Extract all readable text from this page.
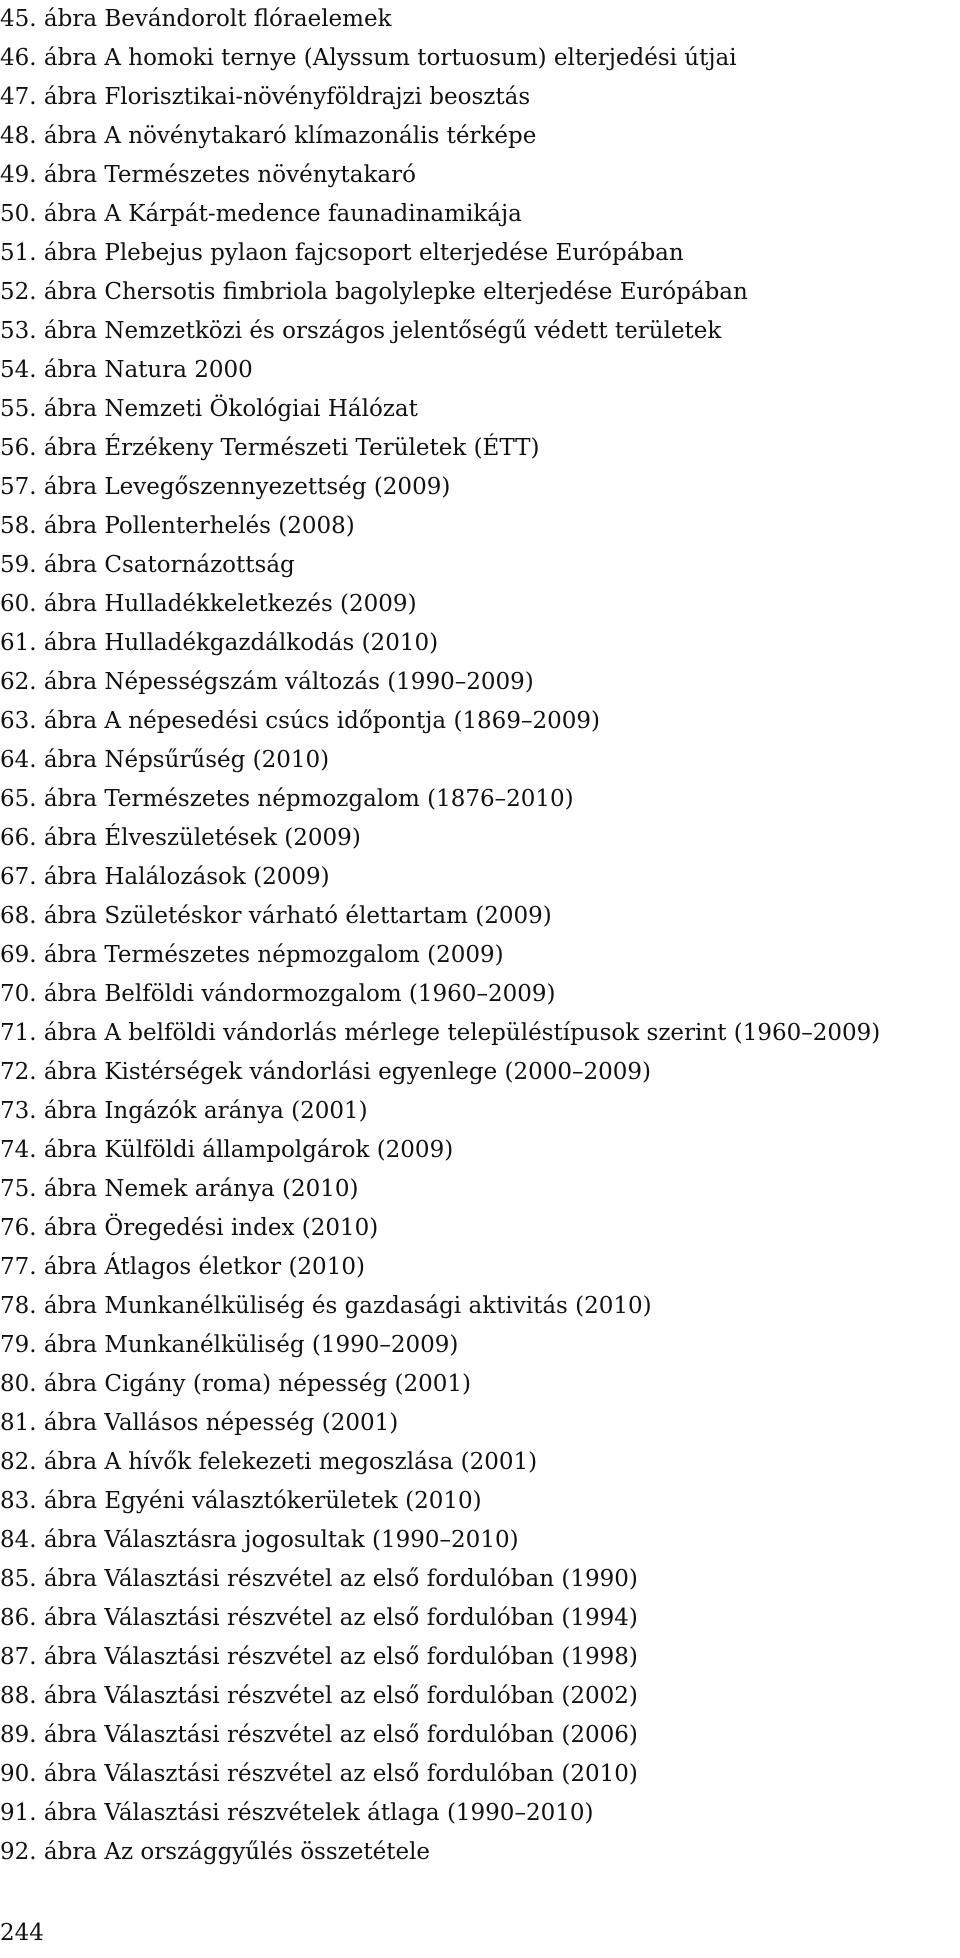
45. ábra Bevándorolt flóraelemek
46. ábra A homoki ternye (Alyssum tortuosum) elterjedési útjai
47. ábra Florisztikai-növényföldrajzi beosztás
48. ábra A növénytakaró klímazonális térképe
49. ábra Természetes növénytakaró
50. ábra A Kárpát-medence faunadinamikája
51. ábra Plebejus pylaon fajcsoport elterjedése Európában
52. ábra Chersotis fimbriola bagolylepke elterjedése Európában
53. ábra Nemzetközi és országos jelentőségű védett területek
54. ábra Natura 2000
55. ábra Nemzeti Ökológiai Hálózat
56. ábra Érzékeny Természeti Területek (ÉTT)
57. ábra Levegőszennyezettség (2009)
58. ábra Pollenterhelés (2008)
59. ábra Csatornázottság
60. ábra Hulladékkeletkezés (2009)
61. ábra Hulladékgazdálkodás (2010)
62. ábra Népességszám változás (1990–2009)
63. ábra A népesedési csúcs időpontja (1869–2009)
64. ábra Népsűrűség (2010)
65. ábra Természetes népmozgalom (1876–2010)
66. ábra Élveszületések (2009)
67. ábra Halálozások (2009)
68. ábra Születéskor várható élettartam (2009)
69. ábra Természetes népmozgalom (2009)
70. ábra Belföldi vándormozgalom (1960–2009)
71. ábra A belföldi vándorlás mérlege településtípusok szerint (1960–2009)
72. ábra Kistérségek vándorlási egyenlege (2000–2009)
73. ábra Ingázók aránya (2001)
74. ábra Külföldi állampolgárok (2009)
75. ábra Nemek aránya (2010)
76. ábra Öregedési index (2010)
77. ábra Átlagos életkor (2010)
78. ábra Munkanélküliség és gazdasági aktivitás (2010)
79. ábra Munkanélküliség (1990–2009)
80. ábra Cigány (roma) népesség (2001)
81. ábra Vallásos népesség (2001)
82. ábra A hívők felekezeti megoszlása (2001)
83. ábra Egyéni választókerületek (2010)
84. ábra Választásra jogosultak (1990–2010)
85. ábra Választási részvétel az első fordulóban (1990)
86. ábra Választási részvétel az első fordulóban (1994)
87. ábra Választási részvétel az első fordulóban (1998)
88. ábra Választási részvétel az első fordulóban (2002)
89. ábra Választási részvétel az első fordulóban (2006)
90. ábra Választási részvétel az első fordulóban (2010)
91. ábra Választási részvételek átlaga (1990–2010)
92. ábra Az országgyűlés összetétele
244
